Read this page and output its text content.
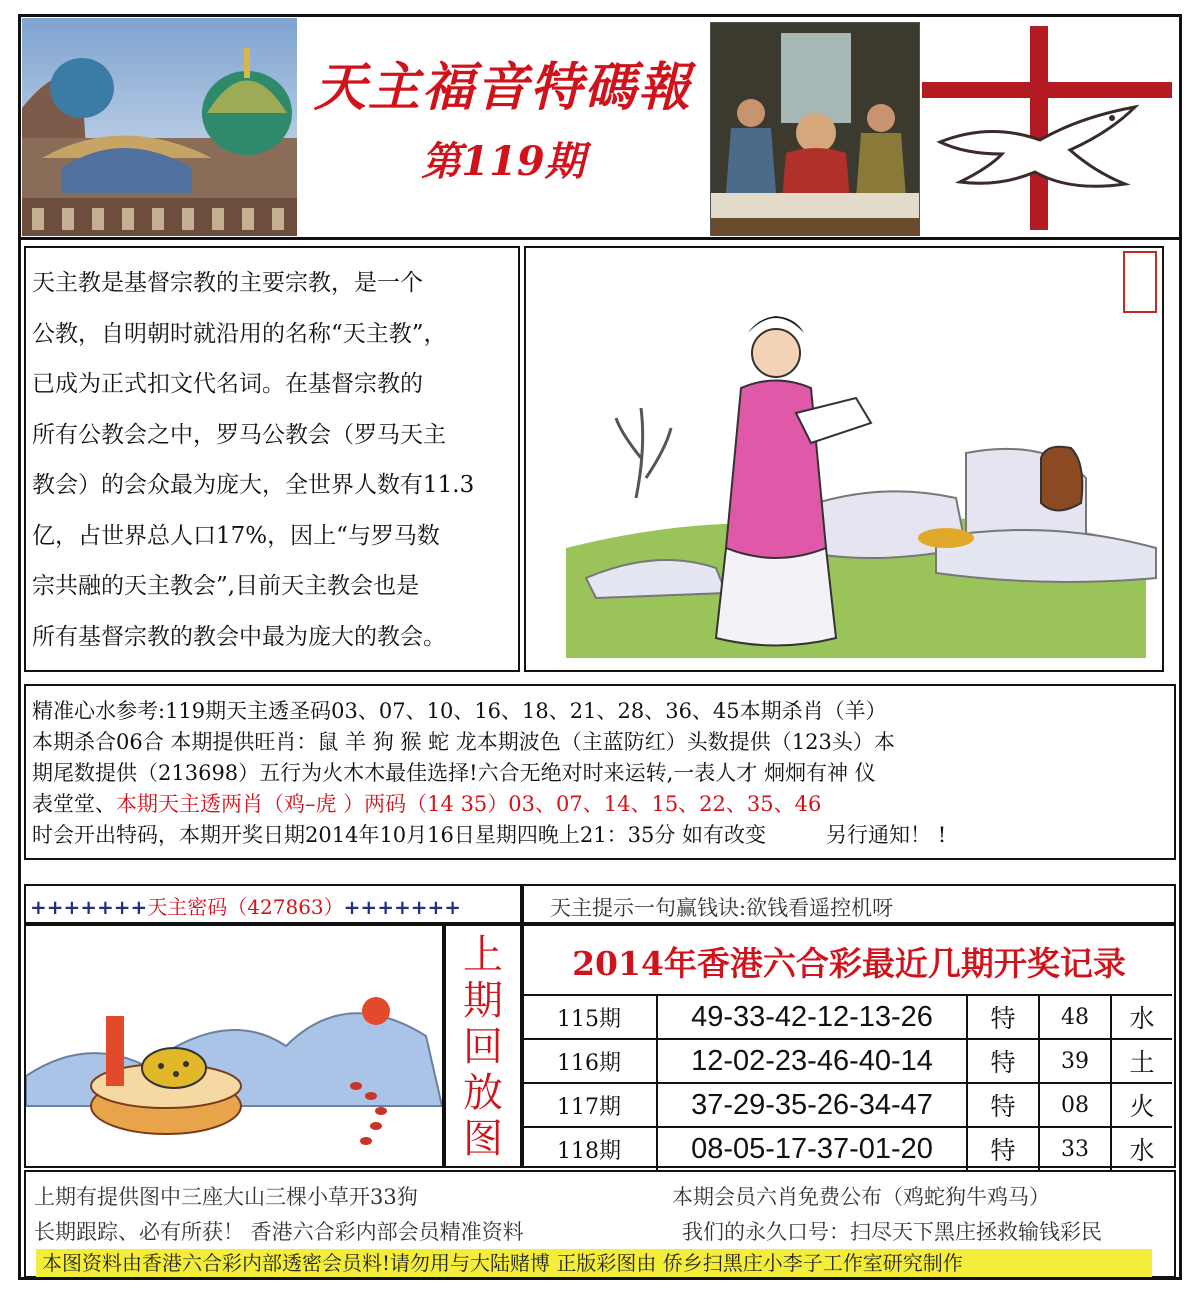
天主福音特碼報
第119期
天主教是基督宗教的主要宗教，是一个
公教，自明朝时就沿用的名称“天主教”，
已成为正式扣文代名词。在基督宗教的
所有公教会之中，罗马公教会（罗马天主
教会）的会众最为庞大，全世界人数有11.3
亿，占世界总人口17%，因上“与罗马数
宗共融的天主教会”,目前天主教会也是
所有基督宗教的教会中最为庞大的教会。
精准心水参考:119期天主透圣码03、07、10、16、18、21、28、36、45本期杀肖（羊）
本期杀合06合 本期提供旺肖：鼠 羊 狗 猴 蛇 龙本期波色（主蓝防红）头数提供（123头）本
期尾数提供（213698）五行为火木木最佳选择!六合无绝对时来运转,一表人才 炯炯有神 仪
表堂堂、本期天主透两肖（鸡–虎 ）两码（14 35）03、07、14、15、22、35、46
时会开出特码，本期开奖日期2014年10月16日星期四晚上21：35分 如有改变	另行通知！ !
+++++++天主密码（427863）+++++++	天主提示一句赢钱诀:欲钱看遥控机呀
上
期
回
放
图
2014年香港六合彩最近几期开奖记录
115期	49-33-42-12-13-26	特	48	水
116期	12-02-23-46-40-14	特	39	土
117期	37-29-35-26-34-47	特	08	火
118期	08-05-17-37-01-20	特	33	水
上期有提供图中三座大山三棵小草开33狗	本期会员六肖免费公布（鸡蛇狗牛鸡马）
长期跟踪、必有所获！ 香港六合彩内部会员精准资料	我们的永久口号：扫尽天下黑庄拯救输钱彩民
本图资料由香港六合彩内部透密会员料!请勿用与大陆赌博 正版彩图由 侨乡扫黑庄小李子工作室研究制作
